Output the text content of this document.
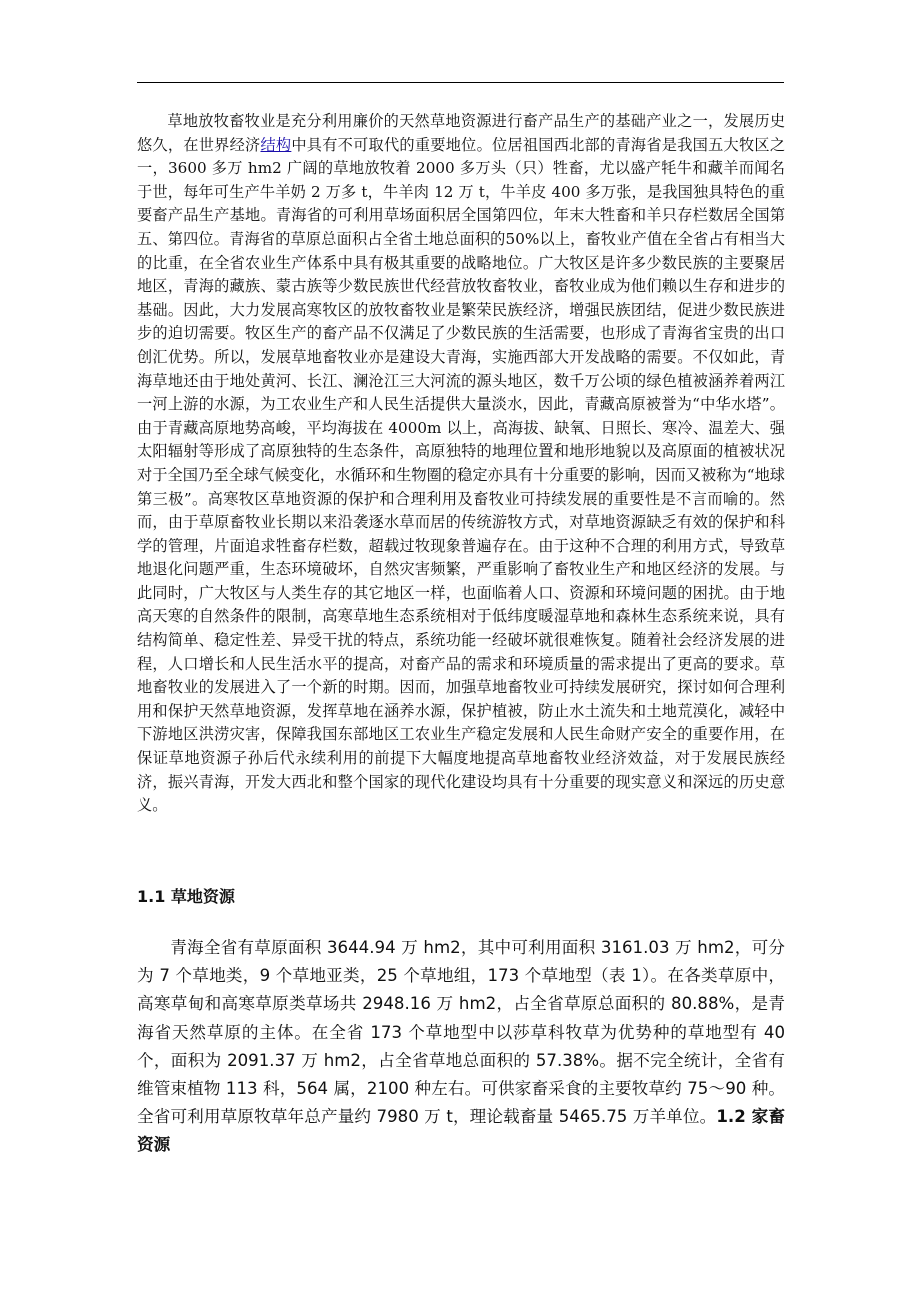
草地放牧畜牧业是充分利用廉价的天然草地资源进行畜产品生产的基础产业之一，发展历史悠久，在世界经济结构中具有不可取代的重要地位。位居祖国西北部的青海省是我国五大牧区之一，3600 多万 hm2 广阔的草地放牧着 2000 多万头（只）牲畜，尤以盛产牦牛和藏羊而闻名于世，每年可生产牛羊奶 2 万多 t，牛羊肉 12 万 t，牛羊皮 400 多万张，是我国独具特色的重要畜产品生产基地。青海省的可利用草场面积居全国第四位，年末大牲畜和羊只存栏数居全国第五、第四位。青海省的草原总面积占全省土地总面积的50%以上，畜牧业产值在全省占有相当大的比重，在全省农业生产体系中具有极其重要的战略地位。广大牧区是许多少数民族的主要聚居地区，青海的藏族、蒙古族等少数民族世代经营放牧畜牧业，畜牧业成为他们赖以生存和进步的基础。因此，大力发展高寒牧区的放牧畜牧业是繁荣民族经济，增强民族团结，促进少数民族进步的迫切需要。牧区生产的畜产品不仅满足了少数民族的生活需要，也形成了青海省宝贵的出口创汇优势。所以，发展草地畜牧业亦是建设大青海，实施西部大开发战略的需要。不仅如此，青海草地还由于地处黄河、长江、澜沧江三大河流的源头地区，数千万公顷的绿色植被涵养着两江一河上游的水源，为工农业生产和人民生活提供大量淡水，因此，青藏高原被誉为“中华水塔”。由于青藏高原地势高峻，平均海拔在 4000m 以上，高海拔、缺氧、日照长、寒冷、温差大、强太阳辐射等形成了高原独特的生态条件，高原独特的地理位置和地形地貌以及高原面的植被状况对于全国乃至全球气候变化，水循环和生物圈的稳定亦具有十分重要的影响，因而又被称为“地球第三极”。高寒牧区草地资源的保护和合理利用及畜牧业可持续发展的重要性是不言而喻的。然而，由于草原畜牧业长期以来沿袭逐水草而居的传统游牧方式，对草地资源缺乏有效的保护和科学的管理，片面追求牲畜存栏数，超载过牧现象普遍存在。由于这种不合理的利用方式，导致草地退化问题严重，生态环境破坏，自然灾害频繁，严重影响了畜牧业生产和地区经济的发展。与此同时，广大牧区与人类生存的其它地区一样，也面临着人口、资源和环境问题的困扰。由于地高天寒的自然条件的限制，高寒草地生态系统相对于低纬度暖湿草地和森林生态系统来说，具有结构简单、稳定性差、异受干扰的特点，系统功能一经破坏就很难恢复。随着社会经济发展的进程，人口增长和人民生活水平的提高，对畜产品的需求和环境质量的需求提出了更高的要求。草地畜牧业的发展进入了一个新的时期。因而，加强草地畜牧业可持续发展研究，探讨如何合理利用和保护天然草地资源，发挥草地在涵养水源，保护植被，防止水土流失和土地荒漠化，减轻中下游地区洪涝灾害，保障我国东部地区工农业生产稳定发展和人民生命财产安全的重要作用，在保证草地资源子孙后代永续利用的前提下大幅度地提高草地畜牧业经济效益，对于发展民族经济，振兴青海，开发大西北和整个国家的现代化建设均具有十分重要的现实意义和深远的历史意义。

1.1 草地资源

青海全省有草原面积 3644.94 万 hm2，其中可利用面积 3161.03 万 hm2，可分为 7 个草地类，9 个草地亚类，25 个草地组，173 个草地型（表 1）。在各类草原中，高寒草甸和高寒草原类草场共 2948.16 万 hm2，占全省草原总面积的 80.88%，是青海省天然草原的主体。在全省 173 个草地型中以莎草科牧草为优势种的草地型有 40 个，面积为 2091.37 万 hm2，占全省草地总面积的 57.38%。据不完全统计，全省有维管束植物 113 科，564 属，2100 种左右。可供家畜采食的主要牧草约 75～90 种。全省可利用草原牧草年总产量约 7980 万 t，理论载畜量 5465.75 万羊单位。1.2 家畜资源
